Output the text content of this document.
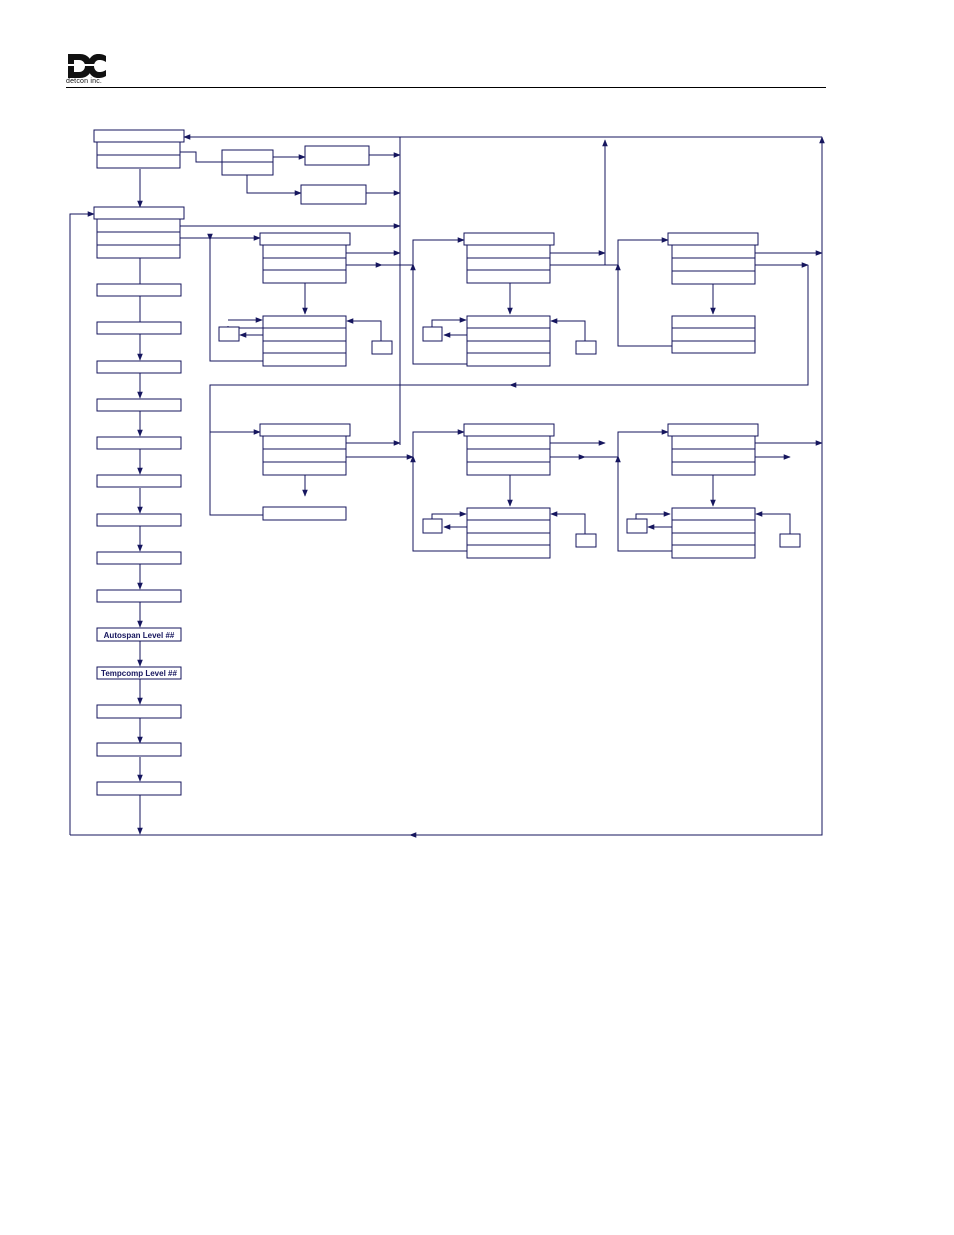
detcon inc.
Autospan Level ##
Tempcomp Level ##
